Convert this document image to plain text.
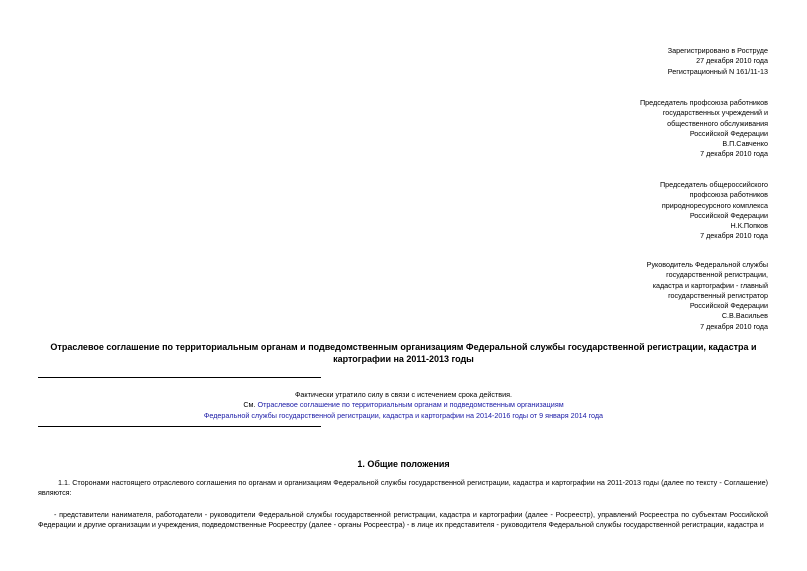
Зарегистрировано в Роструде
27 декабря 2010 года
Регистрационный N 161/11-13
Председатель профсоюза работников
государственных учреждений и
общественного обслуживания
Российской Федерации
В.П.Савченко
7 декабря 2010 года
Председатель общероссийского
профсоюза работников
природноресурсного комплекса
Российской Федерации
Н.К.Попков
7 декабря 2010 года
Руководитель Федеральной службы
государственной регистрации,
кадастра и картографии - главный
государственный регистратор
Российской Федерации
С.В.Васильев
7 декабря 2010 года
Отраслевое соглашение по территориальным органам и подведомственным организациям Федеральной службы государственной регистрации, кадастра и
картографии на 2011-2013 годы
Фактически утратило силу в связи с истечением срока действия.
См. Отраслевое соглашение по территориальным органам и подведомственным организациям
Федеральной службы государственной регистрации, кадастра и картографии на 2014-2016 годы от 9 января 2014 года
1. Общие положения
1.1. Сторонами настоящего отраслевого соглашения по органам и организациям Федеральной службы государственной регистрации, кадастра и картографии на 2011-2013 годы (далее по тексту - Соглашение) являются:
- представители нанимателя, работодатели - руководители Федеральной службы государственной регистрации, кадастра и картографии (далее - Росреестр), управлений Росреестра по субъектам Российской Федерации и другие организации и учреждения, подведомственные Росреестру (далее - органы Росреестра) - в лице их представителя - руководителя Федеральной службы государственной регистрации, кадастра и
